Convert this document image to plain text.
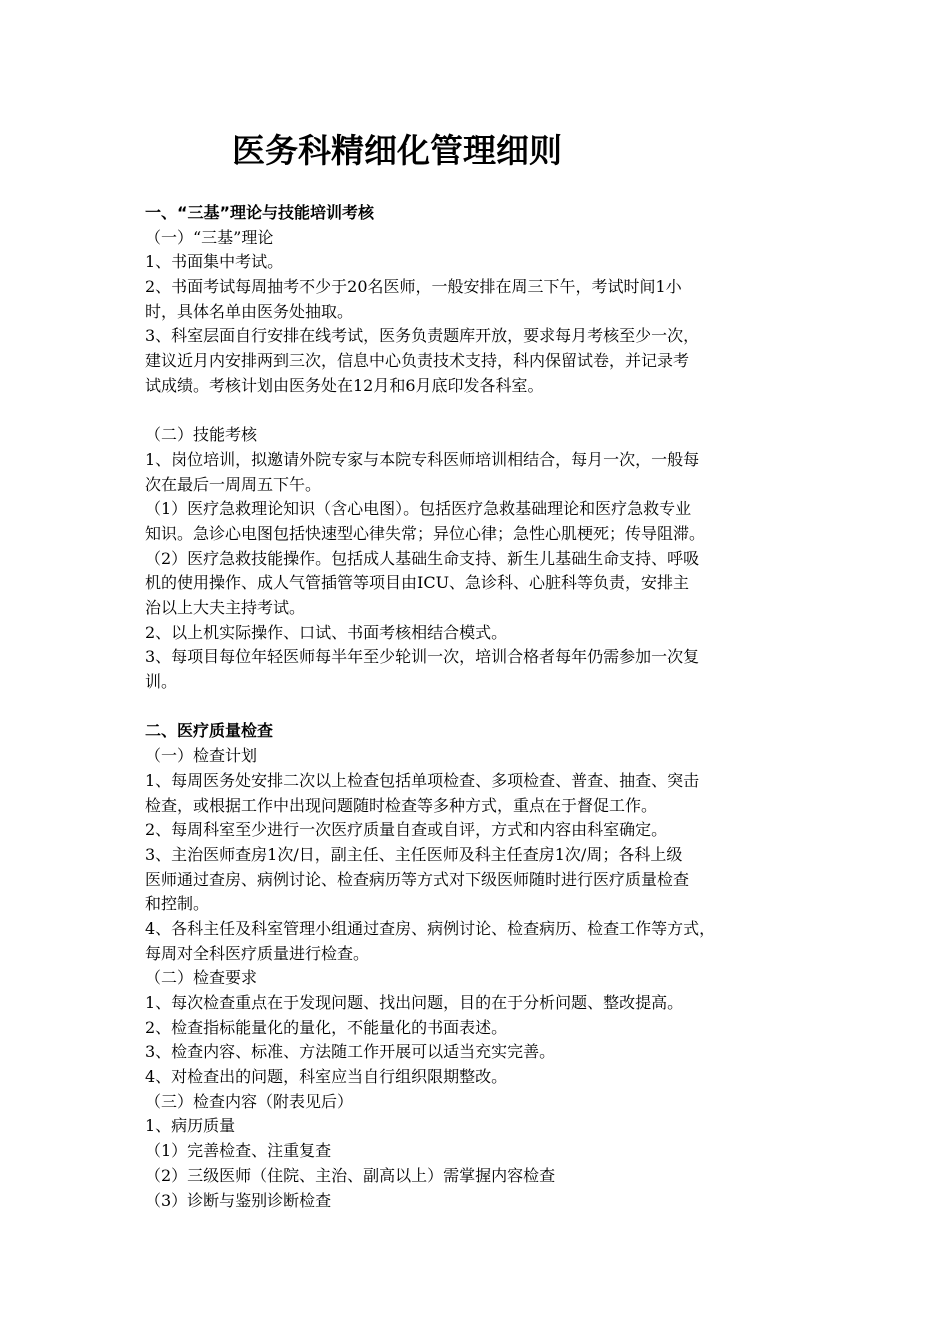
医务科精细化管理细则
一、“三基”理论与技能培训考核
（一）“三基”理论
1、书面集中考试。
2、书面考试每周抽考不少于20名医师，一般安排在周三下午，考试时间1小
时，具体名单由医务处抽取。
3、科室层面自行安排在线考试，医务负责题库开放，要求每月考核至少一次，
建议近月内安排两到三次，信息中心负责技术支持，科内保留试卷，并记录考
试成绩。考核计划由医务处在12月和6月底印发各科室。
（二）技能考核
1、岗位培训，拟邀请外院专家与本院专科医师培训相结合，每月一次，一般每
次在最后一周周五下午。
（1）医疗急救理论知识（含心电图）。包括医疗急救基础理论和医疗急救专业
知识。急诊心电图包括快速型心律失常；异位心律；急性心肌梗死；传导阻滞。
（2）医疗急救技能操作。包括成人基础生命支持、新生儿基础生命支持、呼吸
机的使用操作、成人气管插管等项目由ICU、急诊科、心脏科等负责，安排主
治以上大夫主持考试。
2、以上机实际操作、口试、书面考核相结合模式。
3、每项目每位年轻医师每半年至少轮训一次，培训合格者每年仍需参加一次复
训。
二、医疗质量检查
（一）检查计划
1、每周医务处安排二次以上检查包括单项检查、多项检查、普查、抽查、突击
检查，或根据工作中出现问题随时检查等多种方式，重点在于督促工作。
2、每周科室至少进行一次医疗质量自查或自评，方式和内容由科室确定。
3、主治医师查房1次/日，副主任、主任医师及科主任查房1次/周；各科上级
医师通过查房、病例讨论、检查病历等方式对下级医师随时进行医疗质量检查
和控制。
4、各科主任及科室管理小组通过查房、病例讨论、检查病历、检查工作等方式，
每周对全科医疗质量进行检查。
（二）检查要求
1、每次检查重点在于发现问题、找出问题，目的在于分析问题、整改提高。
2、检查指标能量化的量化，不能量化的书面表述。
3、检查内容、标准、方法随工作开展可以适当充实完善。
4、对检查出的问题，科室应当自行组织限期整改。
（三）检查内容（附表见后）
1、病历质量
（1）完善检查、注重复查
（2）三级医师（住院、主治、副高以上）需掌握内容检查
（3）诊断与鉴别诊断检查
